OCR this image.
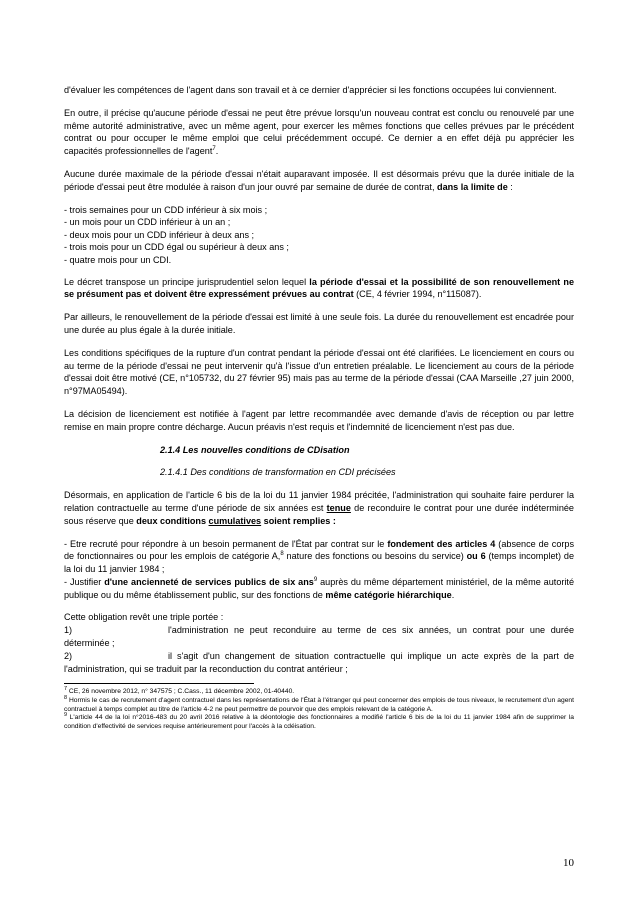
d'évaluer les compétences de l'agent dans son travail et à ce dernier d'apprécier si les fonctions occupées lui conviennent.

En outre, il précise qu'aucune période d'essai ne peut être prévue lorsqu'un nouveau contrat est conclu ou renouvelé par une même autorité administrative, avec un même agent, pour exercer les mêmes fonctions que celles prévues par le précédent contrat ou pour occuper le même emploi que celui précédemment occupé. Ce dernier a en effet déjà pu apprécier les capacités professionnelles de l'agent$^7$.

Aucune durée maximale de la période d'essai n'était auparavant imposée. Il est désormais prévu que la durée initiale de la période d'essai peut être modulée à raison d'un jour ouvré par semaine de durée de contrat, dans la limite de :

- trois semaines pour un CDD inférieur à six mois ;
- un mois pour un CDD inférieur à un an ;
- deux mois pour un CDD inférieur à deux ans ;
- trois mois pour un CDD égal ou supérieur à deux ans ;
- quatre mois pour un CDI.

Le décret transpose un principe jurisprudentiel selon lequel la période d'essai et la possibilité de son renouvellement ne se présument pas et doivent être expressément prévues au contrat (CE, 4 février 1994, n°115087).

Par ailleurs, le renouvellement de la période d'essai est limité à une seule fois. La durée du renouvellement est encadrée pour une durée au plus égale à la durée initiale.

Les conditions spécifiques de la rupture d'un contrat pendant la période d'essai ont été clarifiées. Le licenciement en cours ou au terme de la période d'essai ne peut intervenir qu'à l'issue d'un entretien préalable. Le licenciement au cours de la période d'essai doit être motivé (CE, n°105732, du 27 février 95) mais pas au terme de la période d'essai (CAA Marseille ,27 juin 2000, n°97MA05494).

La décision de licenciement est notifiée à l'agent par lettre recommandée avec demande d'avis de réception ou par lettre remise en main propre contre décharge. Aucun préavis n'est requis et l'indemnité de licenciement n'est pas due.

2.1.4 Les nouvelles conditions de CDisation
2.1.4.1 Des conditions de transformation en CDI précisées

Désormais, en application de l'article 6 bis de la loi du 11 janvier 1984 précitée, l'administration qui souhaite faire perdurer la relation contractuelle au terme d'une période de six années est tenue de reconduire le contrat pour une durée indéterminée sous réserve que deux conditions cumulatives soient remplies :

- Etre recruté pour répondre à un besoin permanent de l'État par contrat sur le fondement des articles 4 (absence de corps de fonctionnaires ou pour les emplois de catégorie A,$^8$ nature des fonctions ou besoins du service) ou 6 (temps incomplet) de la loi du 11 janvier 1984 ;

- Justifier d'une ancienneté de services publics de six ans$^9$ auprès du même département ministériel, de la même autorité publique ou du même établissement public, sur des fonctions de même catégorie hiérarchique.

Cette obligation revêt une triple portée :

1)	l'administration ne peut reconduire au terme de ces six années, un contrat pour une durée déterminée ;

2)	il s'agit d'un changement de situation contractuelle qui implique un acte exprès de la part de l'administration, qui se traduit par la reconduction du contrat antérieur ;

$^7$ CE, 26 novembre 2012, n° 347575 ; C.Cass., 11 décembre 2002, 01-40440.

$^8$ Hormis le cas de recrutement d'agent contractuel dans les représentations de l'État à l'étranger qui peut concerner des emplois de tous niveaux, le recrutement d'un agent contractuel à temps complet au titre de l'article 4-2 ne peut permettre de pourvoir que des emplois relevant de la catégorie A.

$^9$ L'article 44 de la loi n°2016-483 du 20 avril 2016 relative à la déontologie des fonctionnaires a modifié l'article 6 bis de la loi du 11 janvier 1984 afin de supprimer la condition d'effectivité de services requise antérieurement pour l'accès à la cdéisation.

10
